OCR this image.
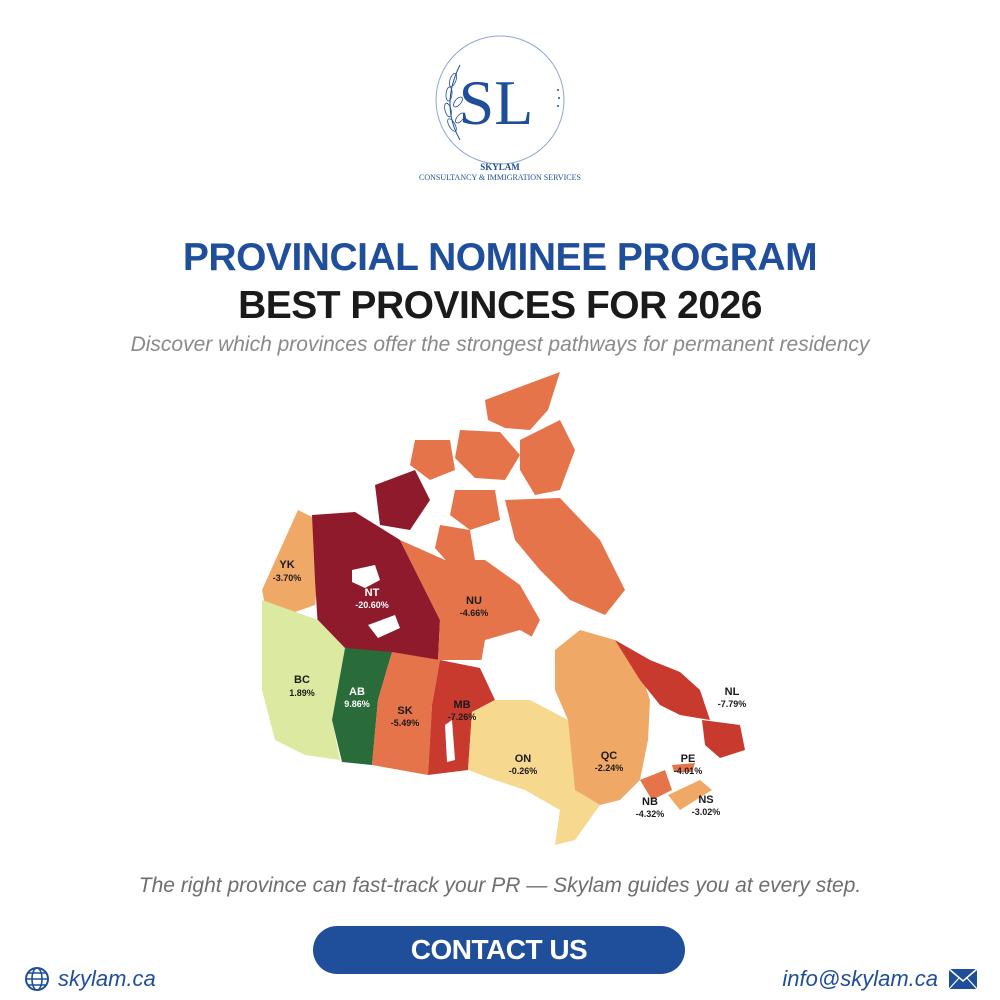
SL
SKYLAM
CONSULTANCY & IMMIGRATION SERVICES
PROVINCIAL NOMINEE PROGRAM
BEST PROVINCES FOR 2026
Discover which provinces offer the strongest pathways for permanent residency
YK
-3.70%
NT
-20.60%	NU
-4.66%
BC
1.89%	AB
9.86%
SK
-5.49%
MB
-7.26%
ON
-0.26%
QC
-2.24%
NL
-7.79%
PE
-4.01%
NB
-4.32%
NS
-3.02%
The right province can fast-track your PR — Skylam guides you at every step.
CONTACT US
skylam.ca	info@skylam.ca
